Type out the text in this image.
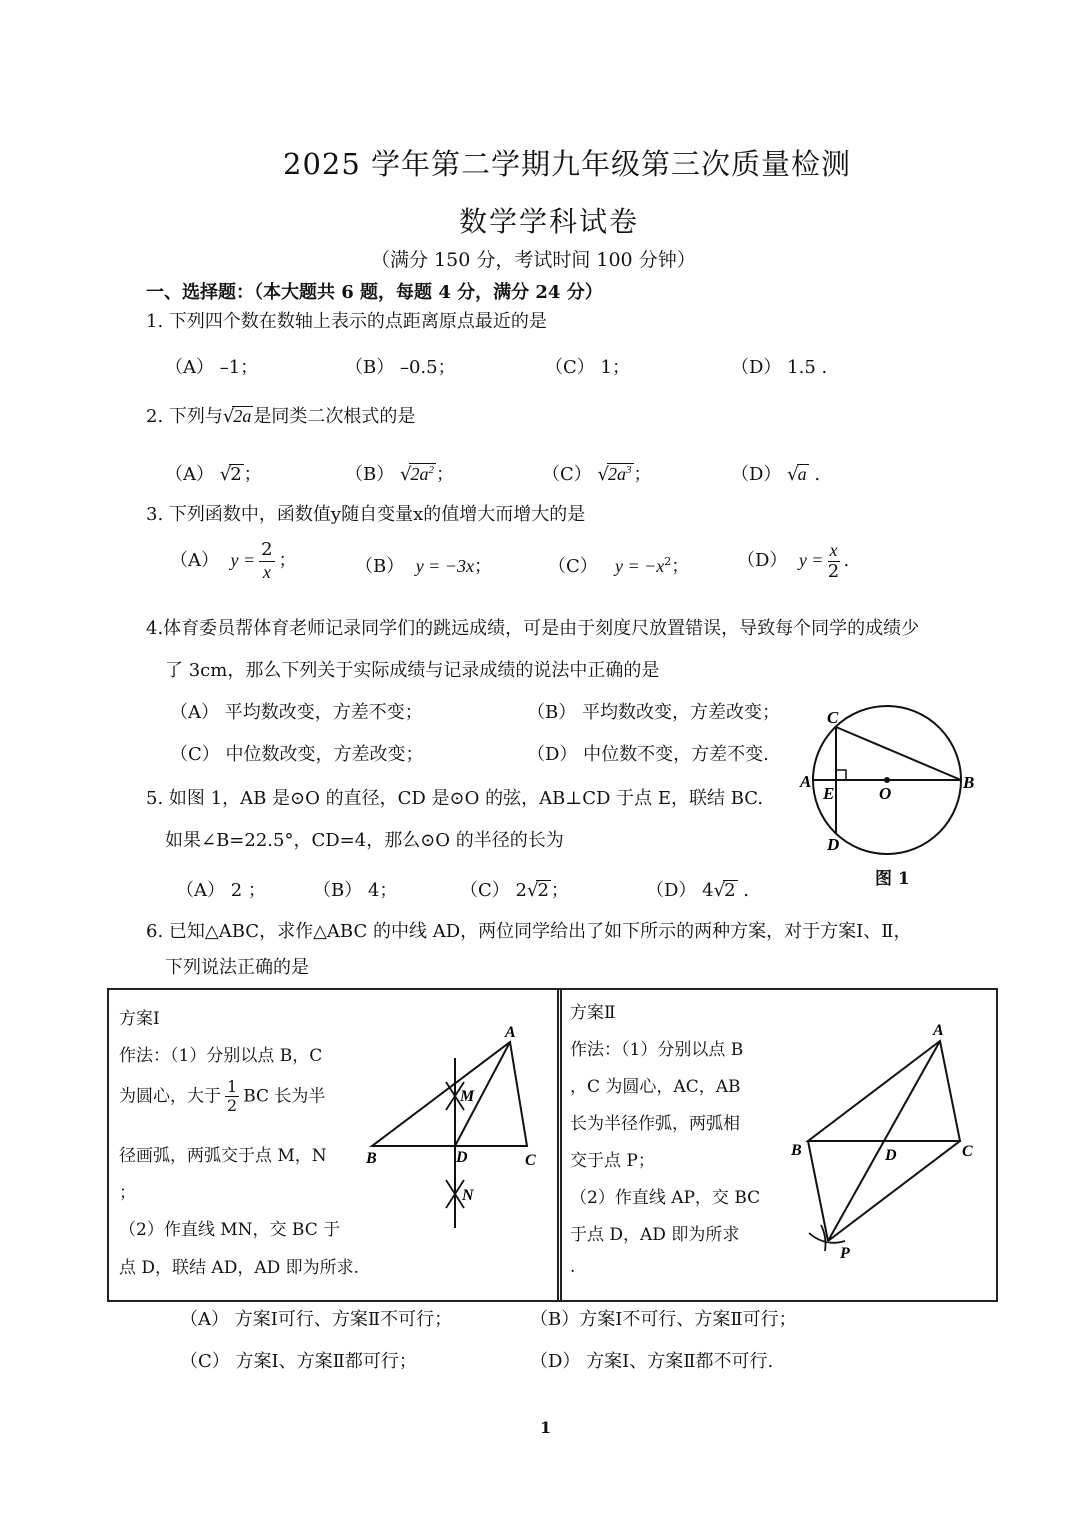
2025 学年第二学期九年级第三次质量检测
数学学科试卷
（满分 150 分，考试时间 100 分钟）
一、选择题：（本大题共 6 题，每题 4 分，满分 24 分）
1. 下列四个数在数轴上表示的点距离原点最近的是
（A） –1；	（B） –0.5；	（C） 1；	（D） 1.5 .
2. 下列与√2a 是同类二次根式的是
（A） √2 ；	（B） $√2a^2$ ；	（C） $√2a^3$ ；	（D） √a .
3. 下列函数中，函数值y随自变量x的值增大而增大的是
（A） $y = \frac{2}{x}$ ；	（B） y = −3x；	（C） $y = -x^2$；	（D） $y = \frac{x}{2}$ .
4.体育委员帮体育老师记录同学们的跳远成绩，可是由于刻度尺放置错误，导致每个同学的成绩少
了 3cm，那么下列关于实际成绩与记录成绩的说法中正确的是
（A） 平均数改变，方差不变；	（B） 平均数改变，方差改变；
（C） 中位数改变，方差改变；	（D） 中位数不变，方差不变.
5. 如图 1，AB 是⊙O 的直径，CD 是⊙O 的弦，AB⊥CD 于点 E，联结 BC.
如果∠B=22.5°，CD=4，那么⊙O 的半径的长为
（A） 2 ；	（B） 4；	（C） 2√2 ；	（D） 4√2 .
C
A
E	O
B
D
图 1
6. 已知△ABC，求作△ABC 的中线 AD，两位同学给出了如下所示的两种方案，对于方案Ⅰ、Ⅱ，
下列说法正确的是
方案Ⅰ
作法：（1）分别以点 B，C
为圆心，大于 $\frac{1}{2}$ BC 长为半
径画弧，两弧交于点 M，N
；
（2）作直线 MN，交 BC 于
点 D，联结 AD，AD 即为所求.
A
M
B	D	C
N
方案Ⅱ
作法：（1）分别以点 B
，C 为圆心，AC，AB
长为半径作弧，两弧相
交于点 P；
（2）作直线 AP，交 BC
于点 D，AD 即为所求
.
A
B	D	C
P
（A） 方案Ⅰ可行、方案Ⅱ不可行；	（B）方案Ⅰ不可行、方案Ⅱ可行；
（C） 方案Ⅰ、方案Ⅱ都可行；	（D） 方案Ⅰ、方案Ⅱ都不可行.
1
